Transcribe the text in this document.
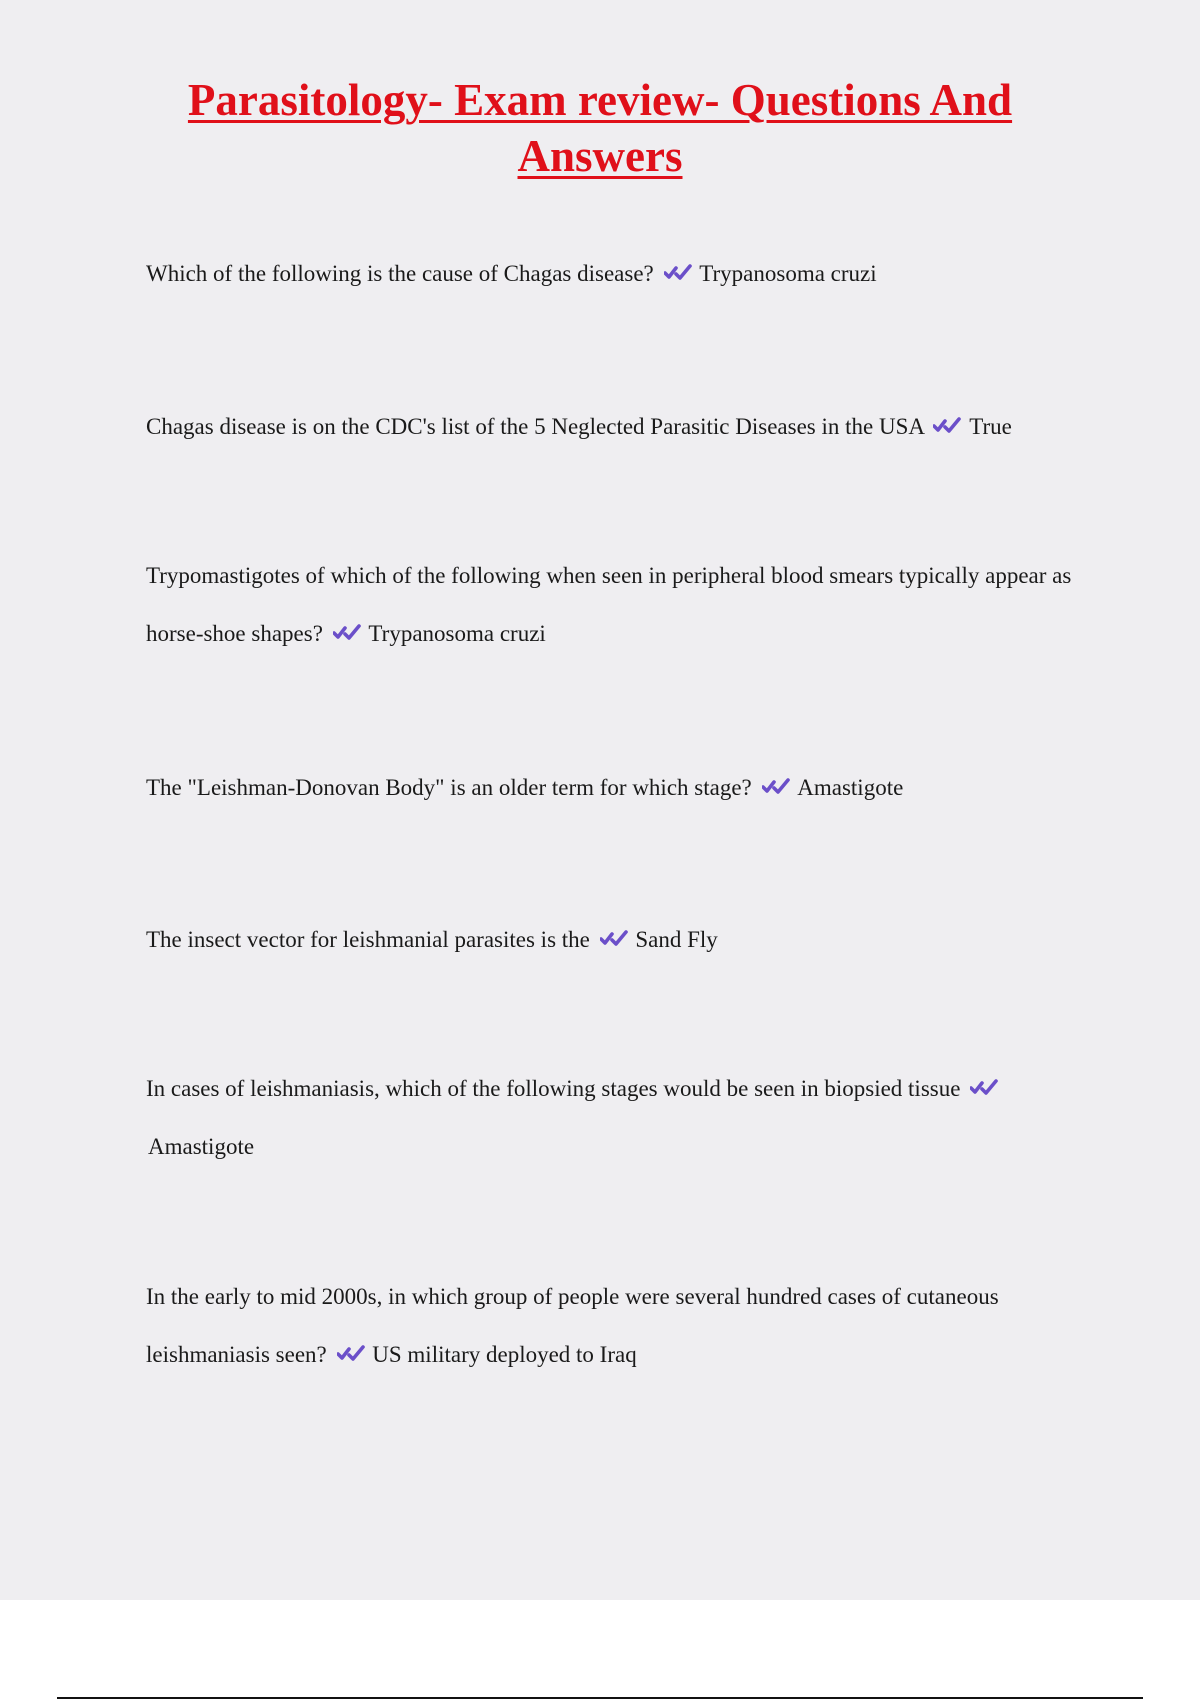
Parasitology- Exam review- Questions And
Answers

Which of the following is the cause of Chagas disease? Trypanosoma cruzi

Chagas disease is on the CDC's list of the 5 Neglected Parasitic Diseases in the USA True

Trypomastigotes of which of the following when seen in peripheral blood smears typically appear as horse-shoe shapes? Trypanosoma cruzi

The "Leishman-Donovan Body" is an older term for which stage? Amastigote

The insect vector for leishmanial parasites is the Sand Fly

In cases of leishmaniasis, which of the following stages would be seen in biopsied tissue
Amastigote

In the early to mid 2000s, in which group of people were several hundred cases of cutaneous leishmaniasis seen? US military deployed to Iraq
